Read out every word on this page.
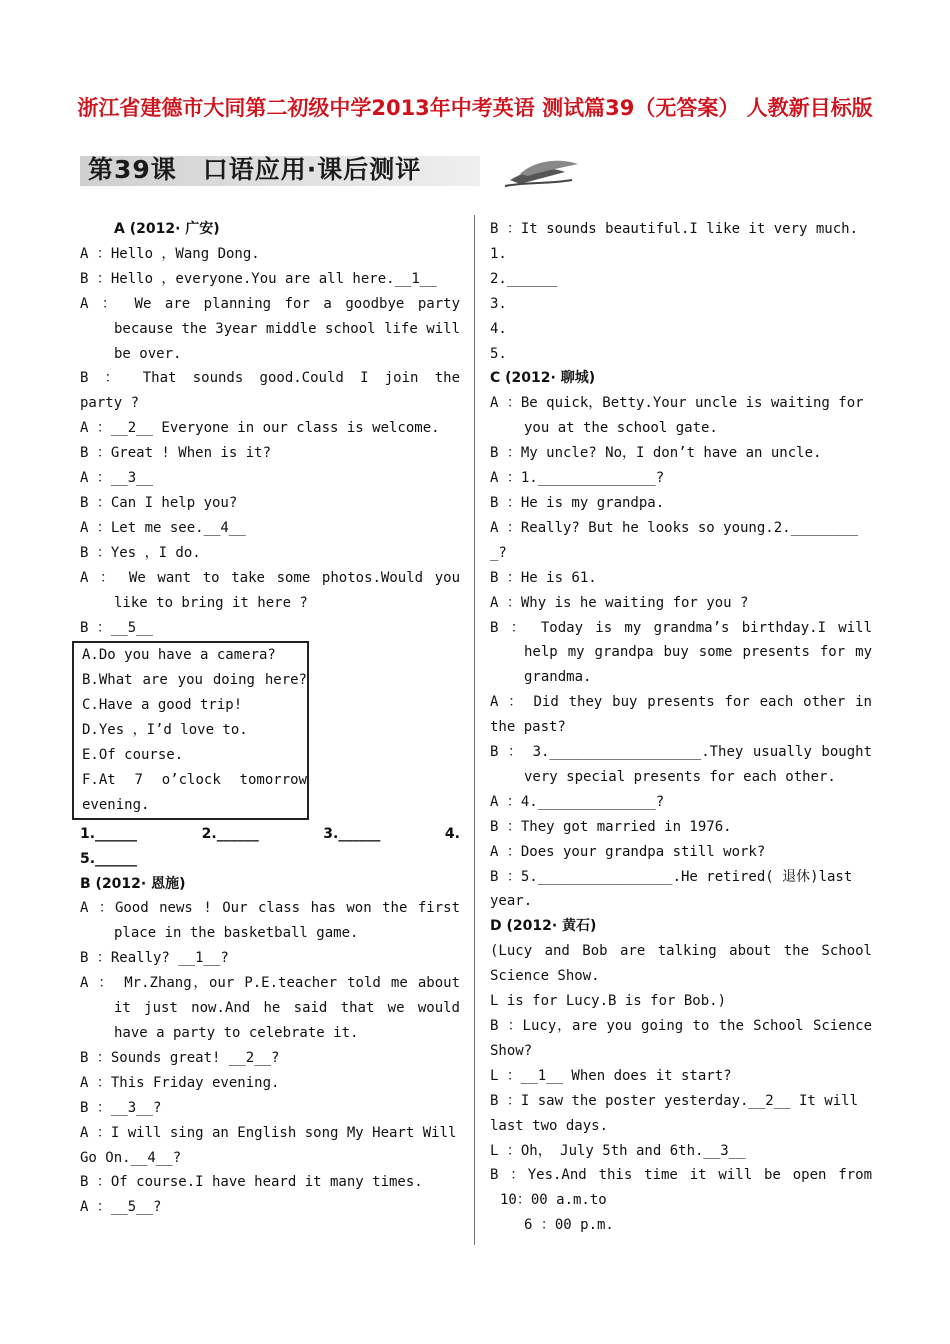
浙江省建德市大同第二初级中学2013年中考英语 测试篇39（无答案） 人教新目标版
第39课　口语应用·课后测评
A (2012· 广安)
A ：Hello ，Wang Dong.
B ：Hello ，everyone.You are all here.__1__
A ： We are planning for a goodbye party
because the 3year middle school life will
be over.
B ： That sounds good.Could I join the
party ?
A ：__2__ Everyone in our class is welcome.
B ：Great ! When is it?
A ：__3__
B ：Can I help you?
A ：Let me see.__4__
B ：Yes ，I do.
A ： We want to take some photos.Would you
like to bring it here ?
B ：__5__
A.Do you have a camera?
B.What are you doing here?
C.Have a good trip!
D.Yes ，I’d love to.
E.Of course.
F.At 7 o’clock tomorrow evening.
1.______	2.______	3.______	4.
5.______
B (2012· 恩施)
A ：Good news ! Our class has won the first
place in the basketball game.
B ：Really? __1__?
A ： Mr.Zhang，our P.E.teacher told me about
it just now.And he said that we would
have a party to celebrate it.
B ：Sounds great! __2__?
A ：This Friday evening.
B ：__3__?
A ：I will sing an English song My Heart Will
Go On.__4__?
B ：Of course.I have heard it many times.
A ：__5__?
B ：It sounds beautiful.I like it very much.
1.
2.______
3.
4.
5.
C (2012· 聊城)
A ：Be quick，Betty.Your uncle is waiting for
you at the school gate.
B ：My uncle? No，I don’t have an uncle.
A ：1.______________?
B ：He is my grandpa.
A ：Really? But he looks so young.2.________
_?
B ：He is 61.
A ：Why is he waiting for you ?
B ： Today is my grandma’s birthday.I will
help my grandpa buy some presents for my
grandma.
A ： Did they buy presents for each other in
the past?
B ： 3.__________________.They usually bought
very special presents for each other.
A ：4.______________?
B ：They got married in 1976.
A ：Does your grandpa still work?
B ：5.________________.He retired( 退休)last
year.
D (2012· 黄石)
(Lucy and Bob are talking about the School
Science Show.
L is for Lucy.B is for Bob.)
B ：Lucy，are you going to the School Science
Show?
L ：__1__ When does it start?
B ：I saw the poster yesterday.__2__ It will
last two days.
L ：Oh， July 5th and 6th.__3__
B ：Yes.And this time it will be open from
10：00 a.m.to
6 ：00 p.m.
